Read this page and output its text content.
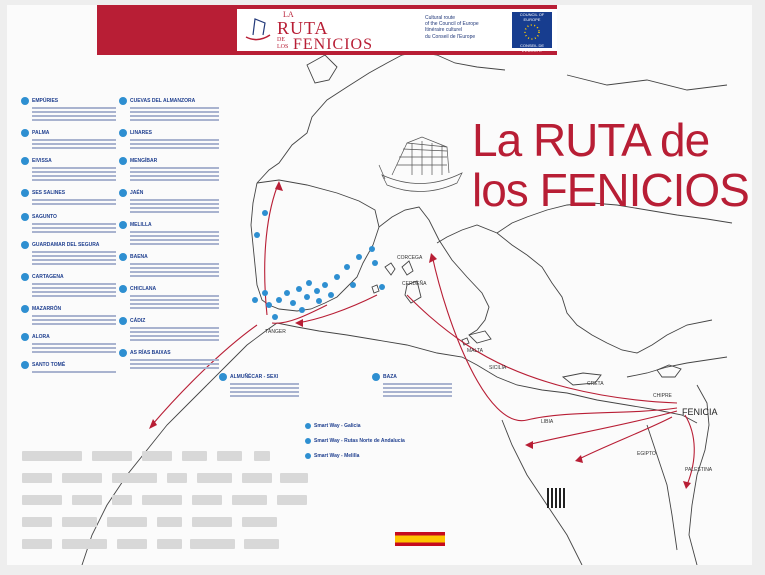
LA
RUTA
DE
LOS FENICIOS
Cultural route
of the Council of Europe
Itinéraire culturel
du Conseil de l'Europe
COUNCIL OF EUROPE
CONSEIL DE L'EUROPE
La RUTA de
los FENICIOS
EMPÚRIES
PALMA
EIVISSA
SES SALINES
SAGUNTO
GUARDAMAR DEL SEGURA
CARTAGENA
MAZARRÓN
ALORA
SANTO TOMÉ
CUEVAS DEL ALMANZORA
LINARES
MENGÍBAR
JAÉN
MELILLA
BAENA
CHICLANA
CÁDIZ
AS RÍAS BAIXAS
ALMUÑÉCAR - SEXI	BAZA
Smart Way - Galicia
Smart Way - Rutas Norte de Andalucía
Smart Way - Melilla
CORCEGA
CERDEÑA
SICILIA
MALTA
CRETA
CHIPRE
LIBIA
EGIPTO
PALESTINA
TÁNGER
FENICIA
